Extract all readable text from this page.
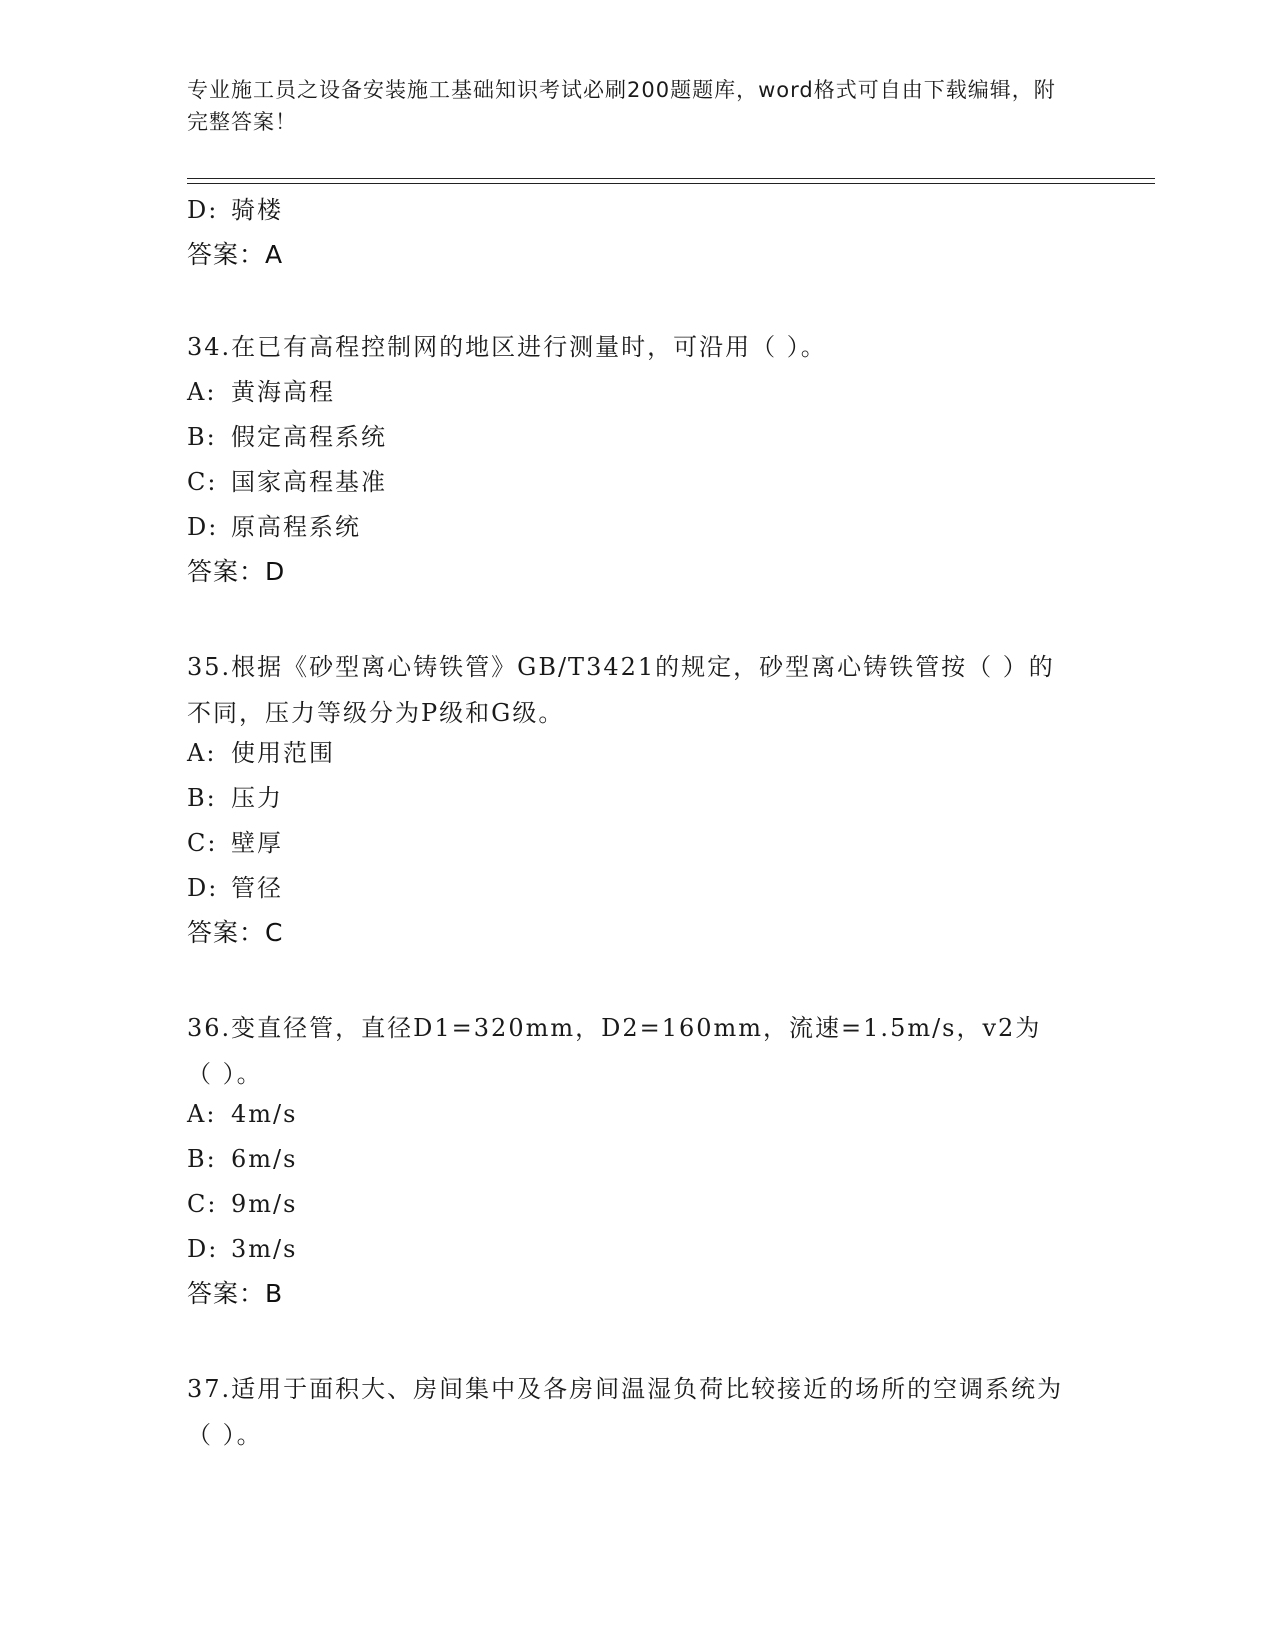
专业施工员之设备安装施工基础知识考试必刷200题题库，word格式可自由下载编辑，附完整答案！
D: 骑楼
答案：A
34.在已有高程控制网的地区进行测量时，可沿用（ ）。
A: 黄海高程
B: 假定高程系统
C: 国家高程基准
D: 原高程系统
答案：D
35.根据《砂型离心铸铁管》GB/T3421的规定，砂型离心铸铁管按（ ）的不同，压力等级分为P级和G级。
A: 使用范围
B: 压力
C: 壁厚
D: 管径
答案：C
36.变直径管，直径D1=320mm，D2=160mm，流速=1.5m/s，v2为（ ）。
A: 4m/s
B: 6m/s
C: 9m/s
D: 3m/s
答案：B
37.适用于面积大、房间集中及各房间温湿负荷比较接近的场所的空调系统为（ ）。
